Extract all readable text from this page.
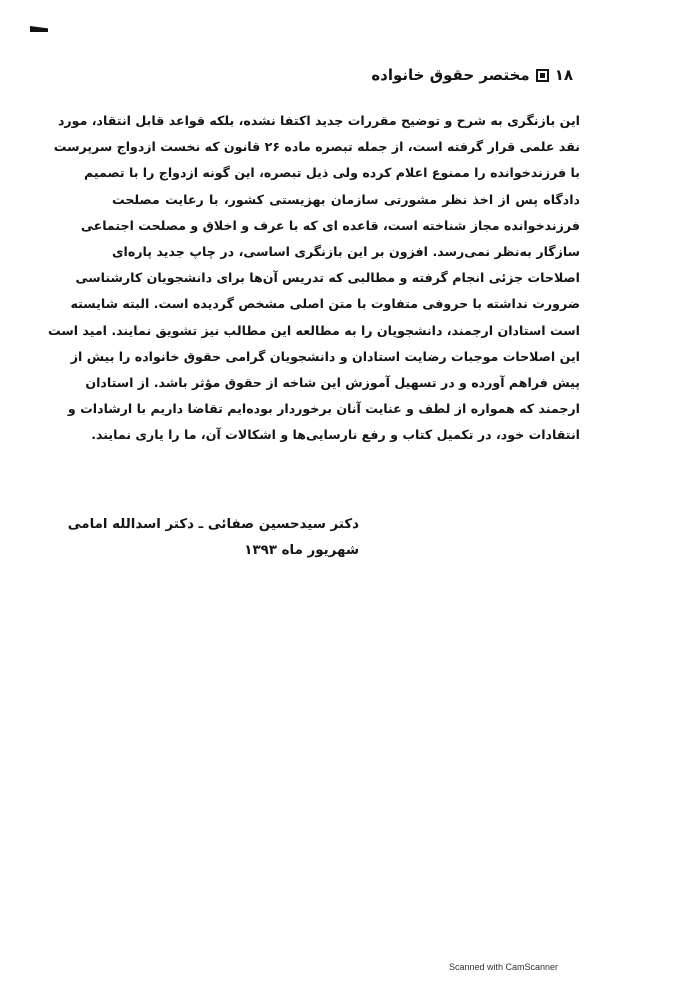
۱۸
مختصر حقوق خانواده

این بازنگری به شرح و توضیح مقررات جدید اکتفا نشده، بلکه قواعد قابل انتقاد، مورد

نقد علمی قرار گرفته است، از جمله تبصره ماده ۲۶ قانون که نخست ازدواج سرپرست

با فرزندخوانده را ممنوع اعلام کرده ولی ذیل تبصره، این گونه ازدواج را با تصمیم

دادگاه پس از اخذ نظر مشورتی سازمان بهزیستی کشور، با رعایت مصلحت

فرزندخوانده مجاز شناخته است، قاعده ای که با عرف و اخلاق و مصلحت اجتماعی

سازگار به‌نظر نمی‌رسد. افزون بر این بازنگری اساسی، در چاپ جدید پاره‌ای

اصلاحات جزئی انجام گرفته و مطالبی که تدریس آن‌ها برای دانشجویان کارشناسی

ضرورت نداشته با حروفی متفاوت با متن اصلی مشخص گردیده است. البته شایسته

است استادان ارجمند، دانشجویان را به مطالعه این مطالب نیز تشویق نمایند. امید است

این اصلاحات موجبات رضایت استادان و دانشجویان گرامی حقوق خانواده را بیش از

پیش فراهم آورده و در تسهیل آموزش این شاخه از حقوق مؤثر باشد. از استادان

ارجمند که همواره از لطف و عنایت آنان برخوردار بوده‌ایم تقاضا داریم با ارشادات و

انتقادات خود، در تکمیل کتاب و رفع نارسایی‌ها و اشکالات آن، ما را یاری نمایند.

دکتر سیدحسین صفائی ـ دکتر اسدالله امامی
شهریور ماه ۱۳۹۳
Scanned with CamScanner
